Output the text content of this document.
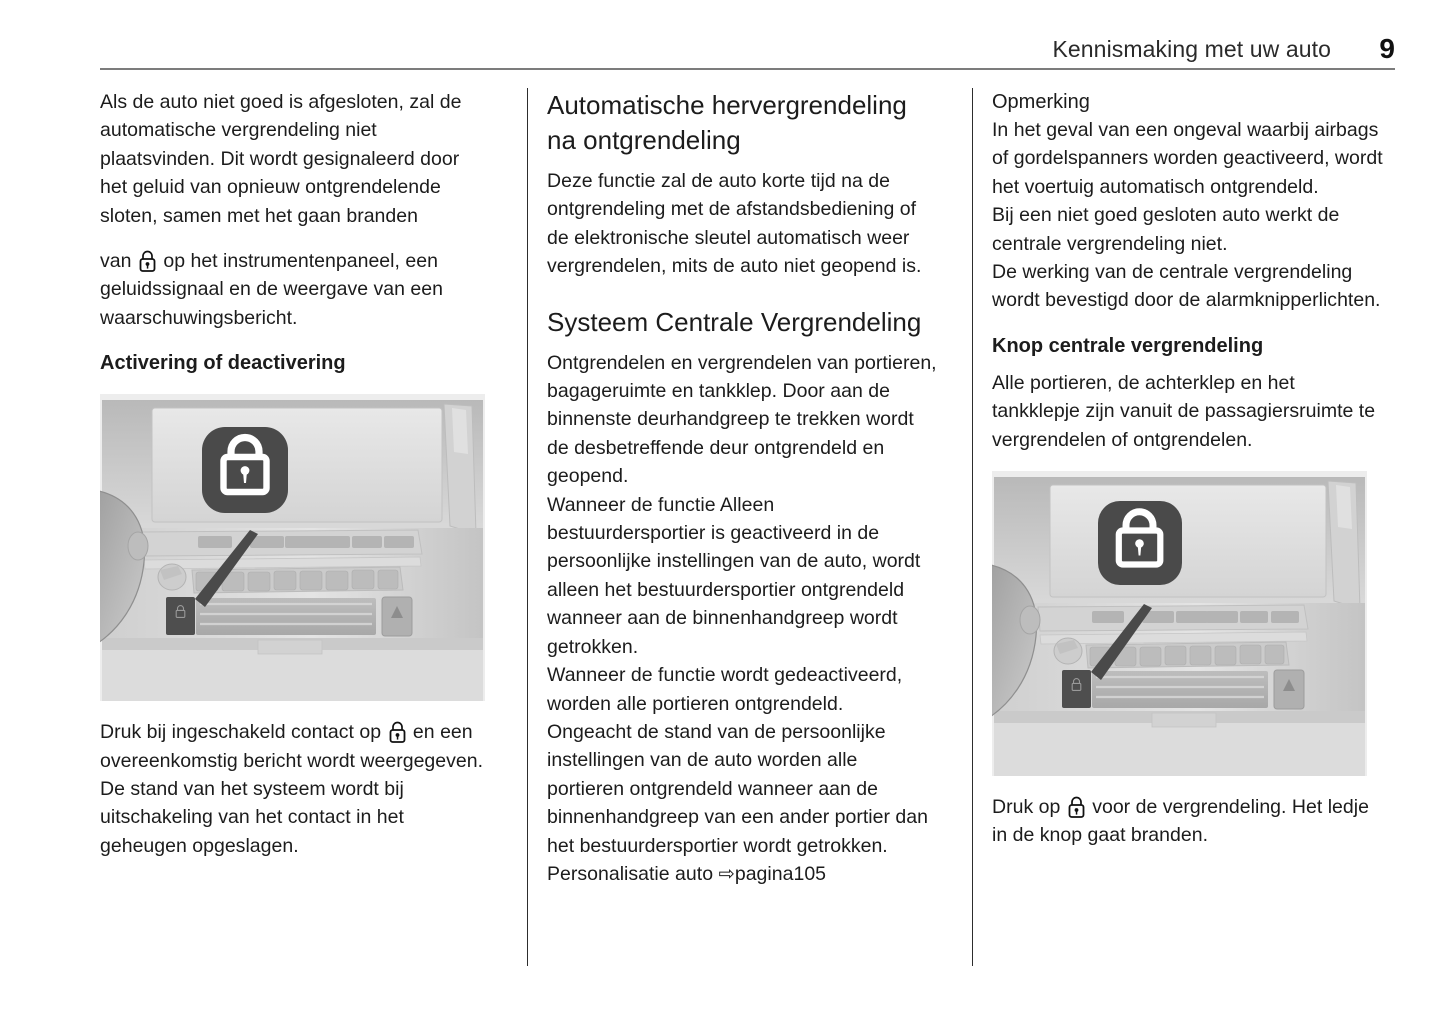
Kennismaking met uw auto 9

Als de auto niet goed is afgesloten, zal de automatische vergrendeling niet plaatsvinden. Dit wordt gesignaleerd door het geluid van opnieuw ontgrendelende sloten, samen met het gaan branden

van
op het instrumentenpaneel, een geluidssignaal en de weergave van een waarschuwingsbericht.

Activering of deactivering

Druk bij ingeschakeld contact op
en een overeenkomstig bericht wordt weergegeven.

De stand van het systeem wordt bij uitschakeling van het contact in het geheugen opgeslagen.

Automatische hervergrendeling na ontgrendeling

Deze functie zal de auto korte tijd na de ontgrendeling met de afstandsbediening of de elektronische sleutel automatisch weer vergrendelen, mits de auto niet geopend is.

Systeem Centrale Vergrendeling

Ontgrendelen en vergrendelen van portieren, bagageruimte en tankklep. Door aan de binnenste deurhandgreep te trekken wordt de desbetreffende deur ontgrendeld en geopend.

Wanneer de functie Alleen bestuurdersportier is geactiveerd in de persoonlijke instellingen van de auto, wordt alleen het bestuurdersportier ontgrendeld wanneer aan de binnenhandgreep wordt getrokken.

Wanneer de functie wordt gedeactiveerd, worden alle portieren ontgrendeld.

Ongeacht de stand van de persoonlijke instellingen van de auto worden alle portieren ontgrendeld wanneer aan de binnenhandgreep van een ander portier dan het bestuurdersportier wordt getrokken.

Personalisatie auto ⇨pagina105

Opmerking

In het geval van een ongeval waarbij airbags of gordelspanners worden geactiveerd, wordt het voertuig automatisch ontgrendeld.

Bij een niet goed gesloten auto werkt de centrale vergrendeling niet.

De werking van de centrale vergrendeling wordt bevestigd door de alarmknipperlichten.

Knop centrale vergrendeling

Alle portieren, de achterklep en het tankklepje zijn vanuit de passagiersruimte te vergrendelen of ontgrendelen.

Druk op
voor de vergrendeling. Het ledje in de knop gaat branden.
